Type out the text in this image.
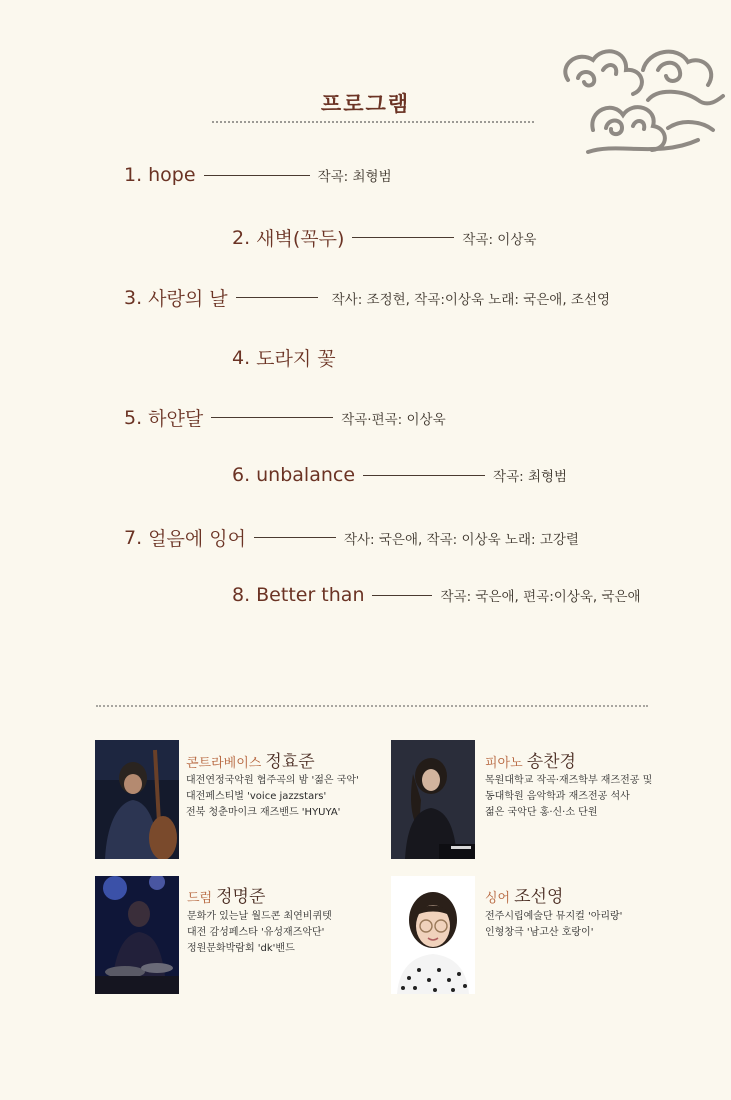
프로그램
1. hope	작곡: 최형범
2. 새벽(꼭두)	작곡: 이상욱
3. 사랑의 날	작사: 조정현, 작곡:이상욱 노래: 국은애, 조선영
4. 도라지 꽃
5. 하얀달	작곡·편곡: 이상욱
6. unbalance	작곡: 최형범
7. 얼음에 잉어	작사: 국은애, 작곡: 이상욱 노래: 고강렬
8. Better than	작곡: 국은애, 편곡:이상욱, 국은애
콘트라베이스 정효준
대전연정국악원 협주곡의 밤 '젊은 국악'
대전페스티벌 'voice jazzstars'
전북 청춘마이크 재즈밴드 'HYUYA'
피아노 송찬경
목원대학교 작곡·재즈학부 재즈전공 및
동대학원 음악학과 재즈전공 석사
젊은 국악단 홍·신·소 단원
드럼 정명준
문화가 있는날 월드콘 최연비퀴텟
대전 감성페스타 '유성재즈악단'
정원문화박람회 'dk'밴드
싱어 조선영
전주시립예술단 뮤지컬 '아리랑'
인형창극 '남고산 호랑이'
